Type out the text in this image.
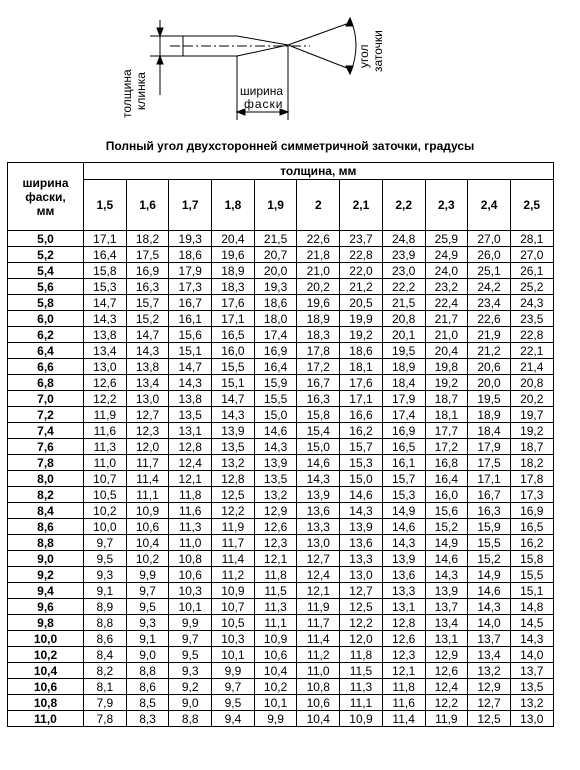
толщина клинка	ширина
фаски
угол заточки
Полный угол двухсторонней симметричной заточки, градусы
ширина
фаски,
мм	толщина, мм										
	1,5	1,6	1,7	1,8	1,9	2	2,1	2,2	2,3	2,4	2,5
5,0	17,1	18,2	19,3	20,4	21,5	22,6	23,7	24,8	25,9	27,0	28,1
5,2	16,4	17,5	18,6	19,6	20,7	21,8	22,8	23,9	24,9	26,0	27,0
5,4	15,8	16,9	17,9	18,9	20,0	21,0	22,0	23,0	24,0	25,1	26,1
5,6	15,3	16,3	17,3	18,3	19,3	20,2	21,2	22,2	23,2	24,2	25,2
5,8	14,7	15,7	16,7	17,6	18,6	19,6	20,5	21,5	22,4	23,4	24,3
6,0	14,3	15,2	16,1	17,1	18,0	18,9	19,9	20,8	21,7	22,6	23,5
6,2	13,8	14,7	15,6	16,5	17,4	18,3	19,2	20,1	21,0	21,9	22,8
6,4	13,4	14,3	15,1	16,0	16,9	17,8	18,6	19,5	20,4	21,2	22,1
6,6	13,0	13,8	14,7	15,5	16,4	17,2	18,1	18,9	19,8	20,6	21,4
6,8	12,6	13,4	14,3	15,1	15,9	16,7	17,6	18,4	19,2	20,0	20,8
7,0	12,2	13,0	13,8	14,7	15,5	16,3	17,1	17,9	18,7	19,5	20,2
7,2	11,9	12,7	13,5	14,3	15,0	15,8	16,6	17,4	18,1	18,9	19,7
7,4	11,6	12,3	13,1	13,9	14,6	15,4	16,2	16,9	17,7	18,4	19,2
7,6	11,3	12,0	12,8	13,5	14,3	15,0	15,7	16,5	17,2	17,9	18,7
7,8	11,0	11,7	12,4	13,2	13,9	14,6	15,3	16,1	16,8	17,5	18,2
8,0	10,7	11,4	12,1	12,8	13,5	14,3	15,0	15,7	16,4	17,1	17,8
8,2	10,5	11,1	11,8	12,5	13,2	13,9	14,6	15,3	16,0	16,7	17,3
8,4	10,2	10,9	11,6	12,2	12,9	13,6	14,3	14,9	15,6	16,3	16,9
8,6	10,0	10,6	11,3	11,9	12,6	13,3	13,9	14,6	15,2	15,9	16,5
8,8	9,7	10,4	11,0	11,7	12,3	13,0	13,6	14,3	14,9	15,5	16,2
9,0	9,5	10,2	10,8	11,4	12,1	12,7	13,3	13,9	14,6	15,2	15,8
9,2	9,3	9,9	10,6	11,2	11,8	12,4	13,0	13,6	14,3	14,9	15,5
9,4	9,1	9,7	10,3	10,9	11,5	12,1	12,7	13,3	13,9	14,6	15,1
9,6	8,9	9,5	10,1	10,7	11,3	11,9	12,5	13,1	13,7	14,3	14,8
9,8	8,8	9,3	9,9	10,5	11,1	11,7	12,2	12,8	13,4	14,0	14,5
10,0	8,6	9,1	9,7	10,3	10,9	11,4	12,0	12,6	13,1	13,7	14,3
10,2	8,4	9,0	9,5	10,1	10,6	11,2	11,8	12,3	12,9	13,4	14,0
10,4	8,2	8,8	9,3	9,9	10,4	11,0	11,5	12,1	12,6	13,2	13,7
10,6	8,1	8,6	9,2	9,7	10,2	10,8	11,3	11,8	12,4	12,9	13,5
10,8	7,9	8,5	9,0	9,5	10,1	10,6	11,1	11,6	12,2	12,7	13,2
11,0	7,8	8,3	8,8	9,4	9,9	10,4	10,9	11,4	11,9	12,5	13,0
